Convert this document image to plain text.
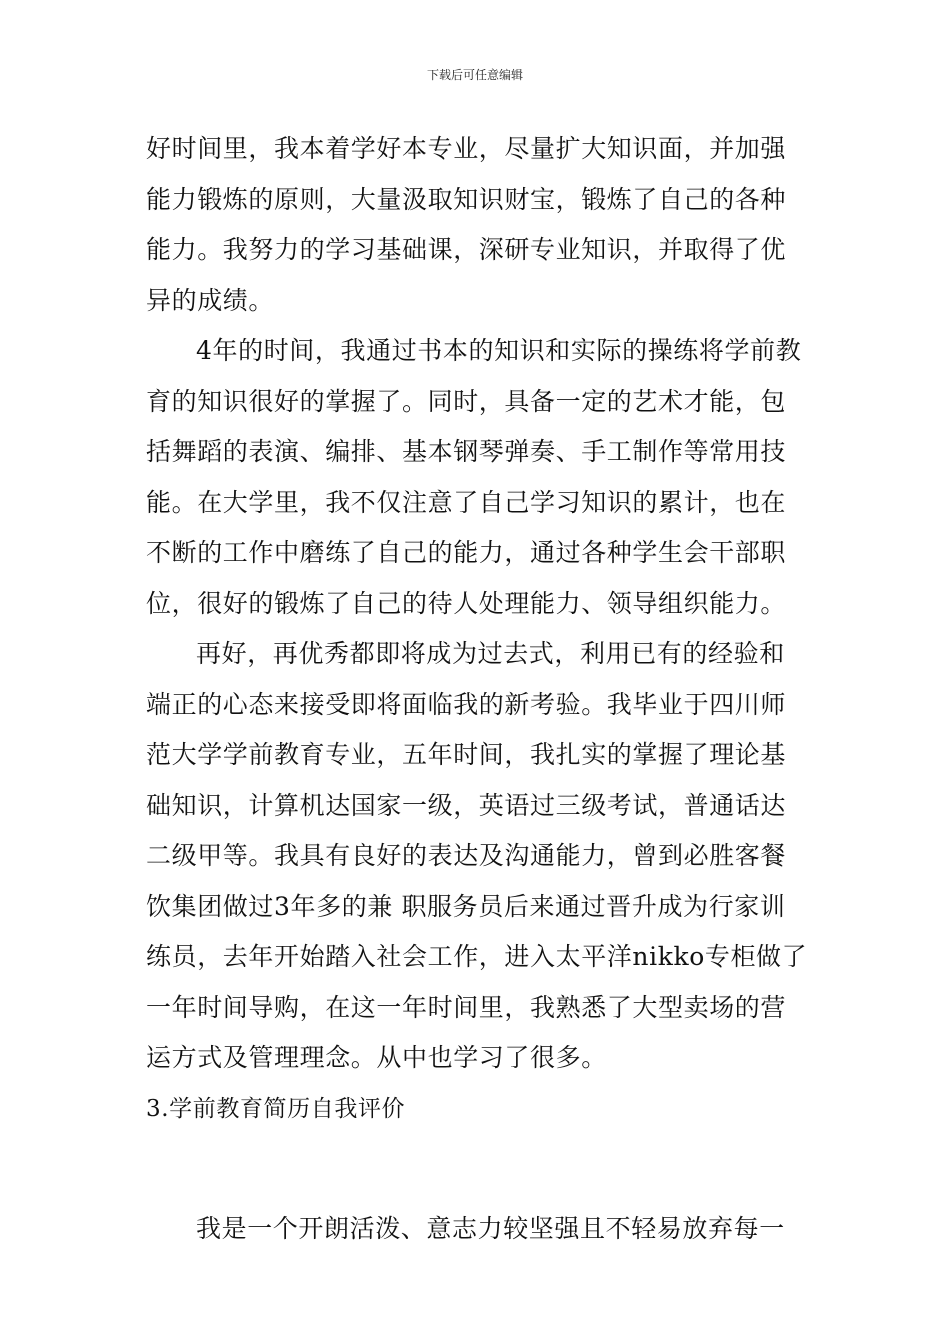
下载后可任意编辑
好时间里，我本着学好本专业，尽量扩大知识面，并加强
能力锻炼的原则，大量汲取知识财宝，锻炼了自己的各种
能力。我努力的学习基础课，深研专业知识，并取得了优
异的成绩。
4年的时间，我通过书本的知识和实际的操练将学前教
育的知识很好的掌握了。同时，具备一定的艺术才能，包
括舞蹈的表演、编排、基本钢琴弹奏、手工制作等常用技
能。在大学里，我不仅注意了自己学习知识的累计，也在
不断的工作中磨练了自己的能力，通过各种学生会干部职
位，很好的锻炼了自己的待人处理能力、领导组织能力。
再好，再优秀都即将成为过去式，利用已有的经验和
端正的心态来接受即将面临我的新考验。我毕业于四川师
范大学学前教育专业，五年时间，我扎实的掌握了理论基
础知识，计算机达国家一级，英语过三级考试，普通话达
二级甲等。我具有良好的表达及沟通能力，曾到必胜客餐
饮集团做过3年多的兼 职服务员后来通过晋升成为行家训
练员，去年开始踏入社会工作，进入太平洋nikko专柜做了
一年时间导购，在这一年时间里，我熟悉了大型卖场的营
运方式及管理理念。从中也学习了很多。
3.学前教育简历自我评价
我是一个开朗活泼、意志力较坚强且不轻易放弃每一
